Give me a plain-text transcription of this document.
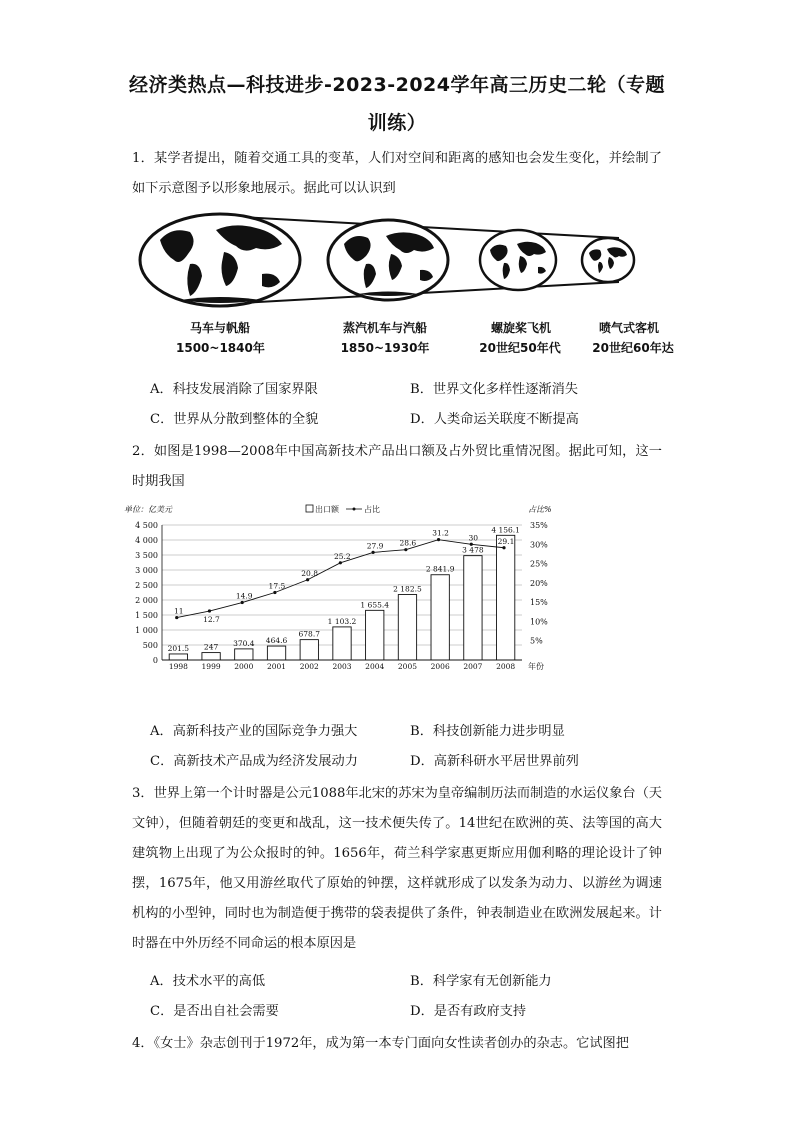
经济类热点—科技进步-2023-2024学年高三历史二轮（专题
训练）
1．某学者提出，随着交通工具的变革，人们对空间和距离的感知也会发生变化，并绘制了如下示意图予以形象地展示。据此可以认识到
马车与帆船
1500~1840年
蒸汽机车与汽船
1850~1930年
螺旋桨飞机
20世纪50年代
喷气式客机
20世纪60年达
A．科技发展消除了国家界限	B．世界文化多样性逐渐消失
C．世界从分散到整体的全貌	D．人类命运关联度不断提高
2．如图是1998—2008年中国高新技术产品出口额及占外贸比重情况图。据此可知，这一时期我国
单位：亿美元	占比%
出口额	占比
201.5 247 370.4 464.6
678.7
1 103.2
1 655.4
2 182.5
2 841.9
3 478
4 156.1
11
12.7
14.9
17.5
20.8
25.2
27.9 28.6
31.2
30	29.1
0
500
1 000
1 500
2 000
2 500
3 000
3 500
4 000
4 500
5%
10%
15%
20%
25%
30%
35%
1998 1999 2000 2001 2002 2003 2004 2005 2006 2007 2008 年份
A．高新科技产业的国际竞争力强大	B．科技创新能力进步明显
C．高新技术产品成为经济发展动力	D．高新科研水平居世界前列
3．世界上第一个计时器是公元1088年北宋的苏宋为皇帝编制历法而制造的水运仪象台（天文钟），但随着朝廷的变更和战乱，这一技术便失传了。14世纪在欧洲的英、法等国的高大建筑物上出现了为公众报时的钟。1656年，荷兰科学家惠更斯应用伽利略的理论设计了钟摆，1675年，他又用游丝取代了原始的钟摆，这样就形成了以发条为动力、以游丝为调速机构的小型钟，同时也为制造便于携带的袋表提供了条件，钟表制造业在欧洲发展起来。计时器在中外历经不同命运的根本原因是
A．技术水平的高低	B．科学家有无创新能力
C．是否出自社会需要	D．是否有政府支持
4．《女士》杂志创刊于1972年，成为第一本专门面向女性读者创办的杂志。它试图把
